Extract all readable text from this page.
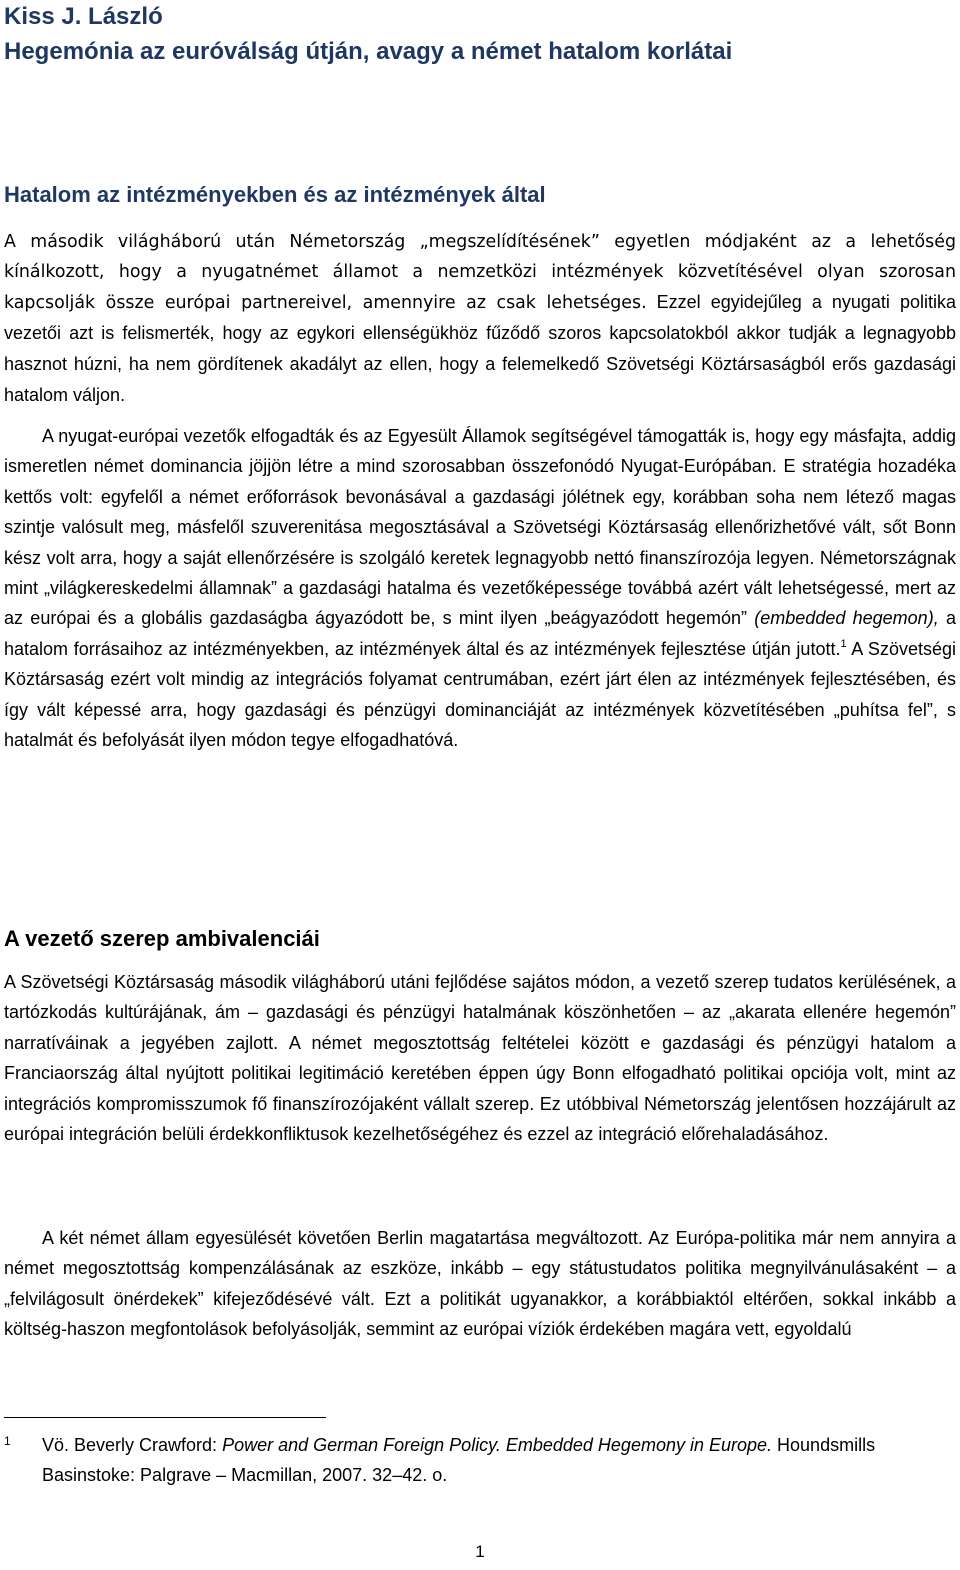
Kiss J. László
Hegemónia az euróválság útján, avagy a német hatalom korlátai
Hatalom az intézményekben és az intézmények által
A második világháború után Németország „megszelídítésének” egyetlen módjaként az a lehetőség kínálkozott, hogy a nyugatnémet államot a nemzetközi intézmények közvetítésével olyan szorosan kapcsolják össze európai partnereivel, amennyire az csak lehetséges. Ezzel egyidejűleg a nyugati politika vezetői azt is felismerték, hogy az egykori ellenségükhöz fűződő szoros kapcsolatokból akkor tudják a legnagyobb hasznot húzni, ha nem gördítenek akadályt az ellen, hogy a felemelkedő Szövetségi Köztársaságból erős gazdasági hatalom váljon.

A nyugat-európai vezetők elfogadták és az Egyesült Államok segítségével támogatták is, hogy egy másfajta, addig ismeretlen német dominancia jöjjön létre a mind szorosabban összefonódó Nyugat-Európában. E stratégia hozadéka kettős volt: egyfelől a német erőforrások bevonásával a gazdasági jólétnek egy, korábban soha nem létező magas szintje valósult meg, másfelől szuverenitása megosztásával a Szövetségi Köztársaság ellenőrizhetővé vált, sőt Bonn kész volt arra, hogy a saját ellenőrzésére is szolgáló keretek legnagyobb nettó finanszírozója legyen. Németországnak mint „világkereskedelmi államnak” a gazdasági hatalma és vezetőképessége továbbá azért vált lehetségessé, mert az az európai és a globális gazdaságba ágyazódott be, s mint ilyen „beágyazódott hegemón” (embedded hegemon), a hatalom forrásaihoz az intézményekben, az intézmények által és az intézmények fejlesztése útján jutott.$^1$ A Szövetségi Köztársaság ezért volt mindig az integrációs folyamat centrumában, ezért járt élen az intézmények fejlesztésében, és így vált képessé arra, hogy gazdasági és pénzügyi dominanciáját az intézmények közvetítésében „puhítsa fel”, s hatalmát és befolyását ilyen módon tegye elfogadhatóvá.

A vezető szerep ambivalenciái

A Szövetségi Köztársaság második világháború utáni fejlődése sajátos módon, a vezető szerep tudatos kerülésének, a tartózkodás kultúrájának, ám – gazdasági és pénzügyi hatalmának köszönhetően – az „akarata ellenére hegemón” narratíváinak a jegyében zajlott. A német megosztottság feltételei között e gazdasági és pénzügyi hatalom a Franciaország által nyújtott politikai legitimáció keretében éppen úgy Bonn elfogadható politikai opciója volt, mint az integrációs kompromisszumok fő finanszírozójaként vállalt szerep. Ez utóbbival Németország jelentősen hozzájárult az európai integráción belüli érdekkonfliktusok kezelhetőségéhez és ezzel az integráció előrehaladásához.

A két német állam egyesülését követően Berlin magatartása megváltozott. Az Európa-politika már nem annyira a német megosztottság kompenzálásának az eszköze, inkább – egy státustudatos politika megnyilvánulásaként – a „felvilágosult önérdekek” kifejeződésévé vált. Ezt a politikát ugyanakkor, a korábbiaktól eltérően, sokkal inkább a költség-haszon megfontolások befolyásolják, semmint az európai víziók érdekében magára vett, egyoldalú

1 Vö. Beverly Crawford: Power and German Foreign Policy. Embedded Hegemony in Europe. Houndsmills Basinstoke: Palgrave – Macmillan, 2007. 32–42. o.
1
